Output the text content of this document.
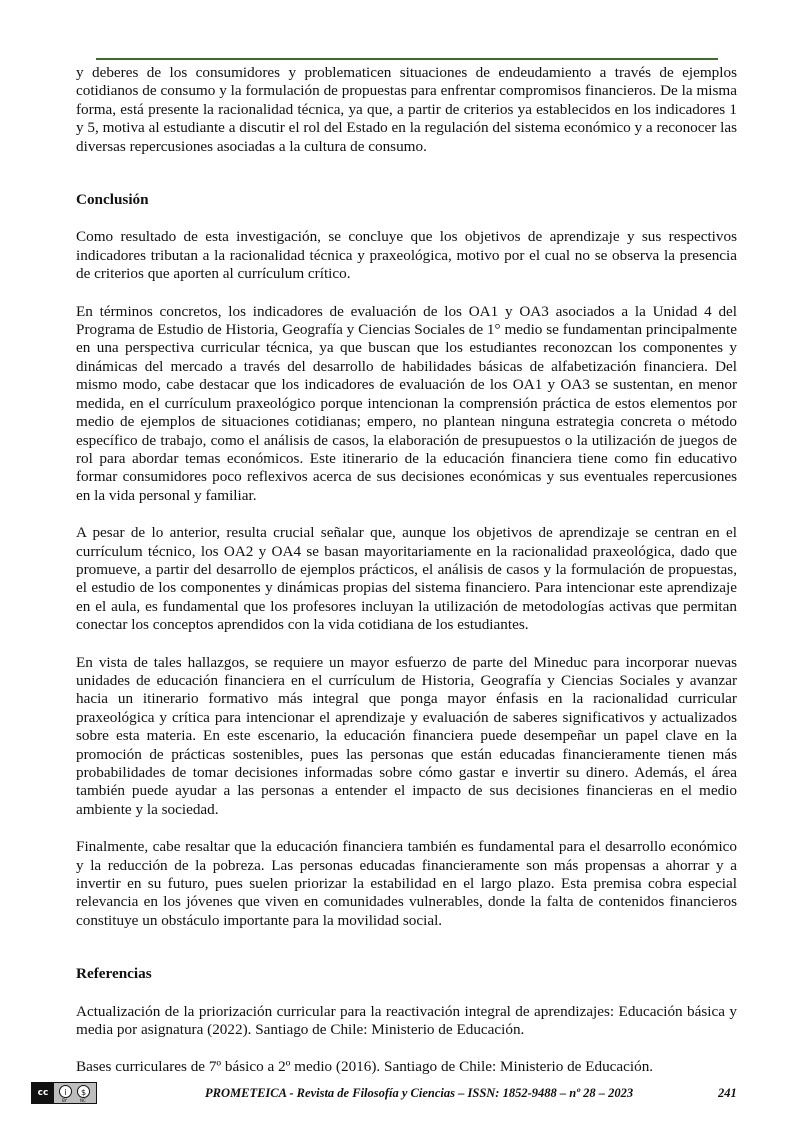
y deberes de los consumidores y problematicen situaciones de endeudamiento a través de ejemplos cotidianos de consumo y la formulación de propuestas para enfrentar compromisos financieros. De la misma forma, está presente la racionalidad técnica, ya que, a partir de criterios ya establecidos en los indicadores 1 y 5, motiva al estudiante a discutir el rol del Estado en la regulación del sistema económico y a reconocer las diversas repercusiones asociadas a la cultura de consumo.

Conclusión

Como resultado de esta investigación, se concluye que los objetivos de aprendizaje y sus respectivos indicadores tributan a la racionalidad técnica y praxeológica, motivo por el cual no se observa la presencia de criterios que aporten al currículum crítico.

En términos concretos, los indicadores de evaluación de los OA1 y OA3 asociados a la Unidad 4 del Programa de Estudio de Historia, Geografía y Ciencias Sociales de 1° medio se fundamentan principalmente en una perspectiva curricular técnica, ya que buscan que los estudiantes reconozcan los componentes y dinámicas del mercado a través del desarrollo de habilidades básicas de alfabetización financiera. Del mismo modo, cabe destacar que los indicadores de evaluación de los OA1 y OA3 se sustentan, en menor medida, en el currículum praxeológico porque intencionan la comprensión práctica de estos elementos por medio de ejemplos de situaciones cotidianas; empero, no plantean ninguna estrategia concreta o método específico de trabajo, como el análisis de casos, la elaboración de presupuestos o la utilización de juegos de rol para abordar temas económicos. Este itinerario de la educación financiera tiene como fin educativo formar consumidores poco reflexivos acerca de sus decisiones económicas y sus eventuales repercusiones en la vida personal y familiar.

A pesar de lo anterior, resulta crucial señalar que, aunque los objetivos de aprendizaje se centran en el currículum técnico, los OA2 y OA4 se basan mayoritariamente en la racionalidad praxeológica, dado que promueve, a partir del desarrollo de ejemplos prácticos, el análisis de casos y la formulación de propuestas, el estudio de los componentes y dinámicas propias del sistema financiero. Para intencionar este aprendizaje en el aula, es fundamental que los profesores incluyan la utilización de metodologías activas que permitan conectar los conceptos aprendidos con la vida cotidiana de los estudiantes.

En vista de tales hallazgos, se requiere un mayor esfuerzo de parte del Mineduc para incorporar nuevas unidades de educación financiera en el currículum de Historia, Geografía y Ciencias Sociales y avanzar hacia un itinerario formativo más integral que ponga mayor énfasis en la racionalidad curricular praxeológica y crítica para intencionar el aprendizaje y evaluación de saberes significativos y actualizados sobre esta materia. En este escenario, la educación financiera puede desempeñar un papel clave en la promoción de prácticas sostenibles, pues las personas que están educadas financieramente tienen más probabilidades de tomar decisiones informadas sobre cómo gastar e invertir su dinero. Además, el área también puede ayudar a las personas a entender el impacto de sus decisiones financieras en el medio ambiente y la sociedad.

Finalmente, cabe resaltar que la educación financiera también es fundamental para el desarrollo económico y la reducción de la pobreza. Las personas educadas financieramente son más propensas a ahorrar y a invertir en su futuro, pues suelen priorizar la estabilidad en el largo plazo. Esta premisa cobra especial relevancia en los jóvenes que viven en comunidades vulnerables, donde la falta de contenidos financieros constituye un obstáculo importante para la movilidad social.

Referencias

Actualización de la priorización curricular para la reactivación integral de aprendizajes: Educación básica y media por asignatura (2022). Santiago de Chile: Ministerio de Educación.

Bases curriculares de 7º básico a 2º medio (2016). Santiago de Chile: Ministerio de Educación.

cc	i	$
BY	NC
PROMETEICA - Revista de Filosofía y Ciencias – ISSN: 1852-9488 – nº 28 – 2023	241
